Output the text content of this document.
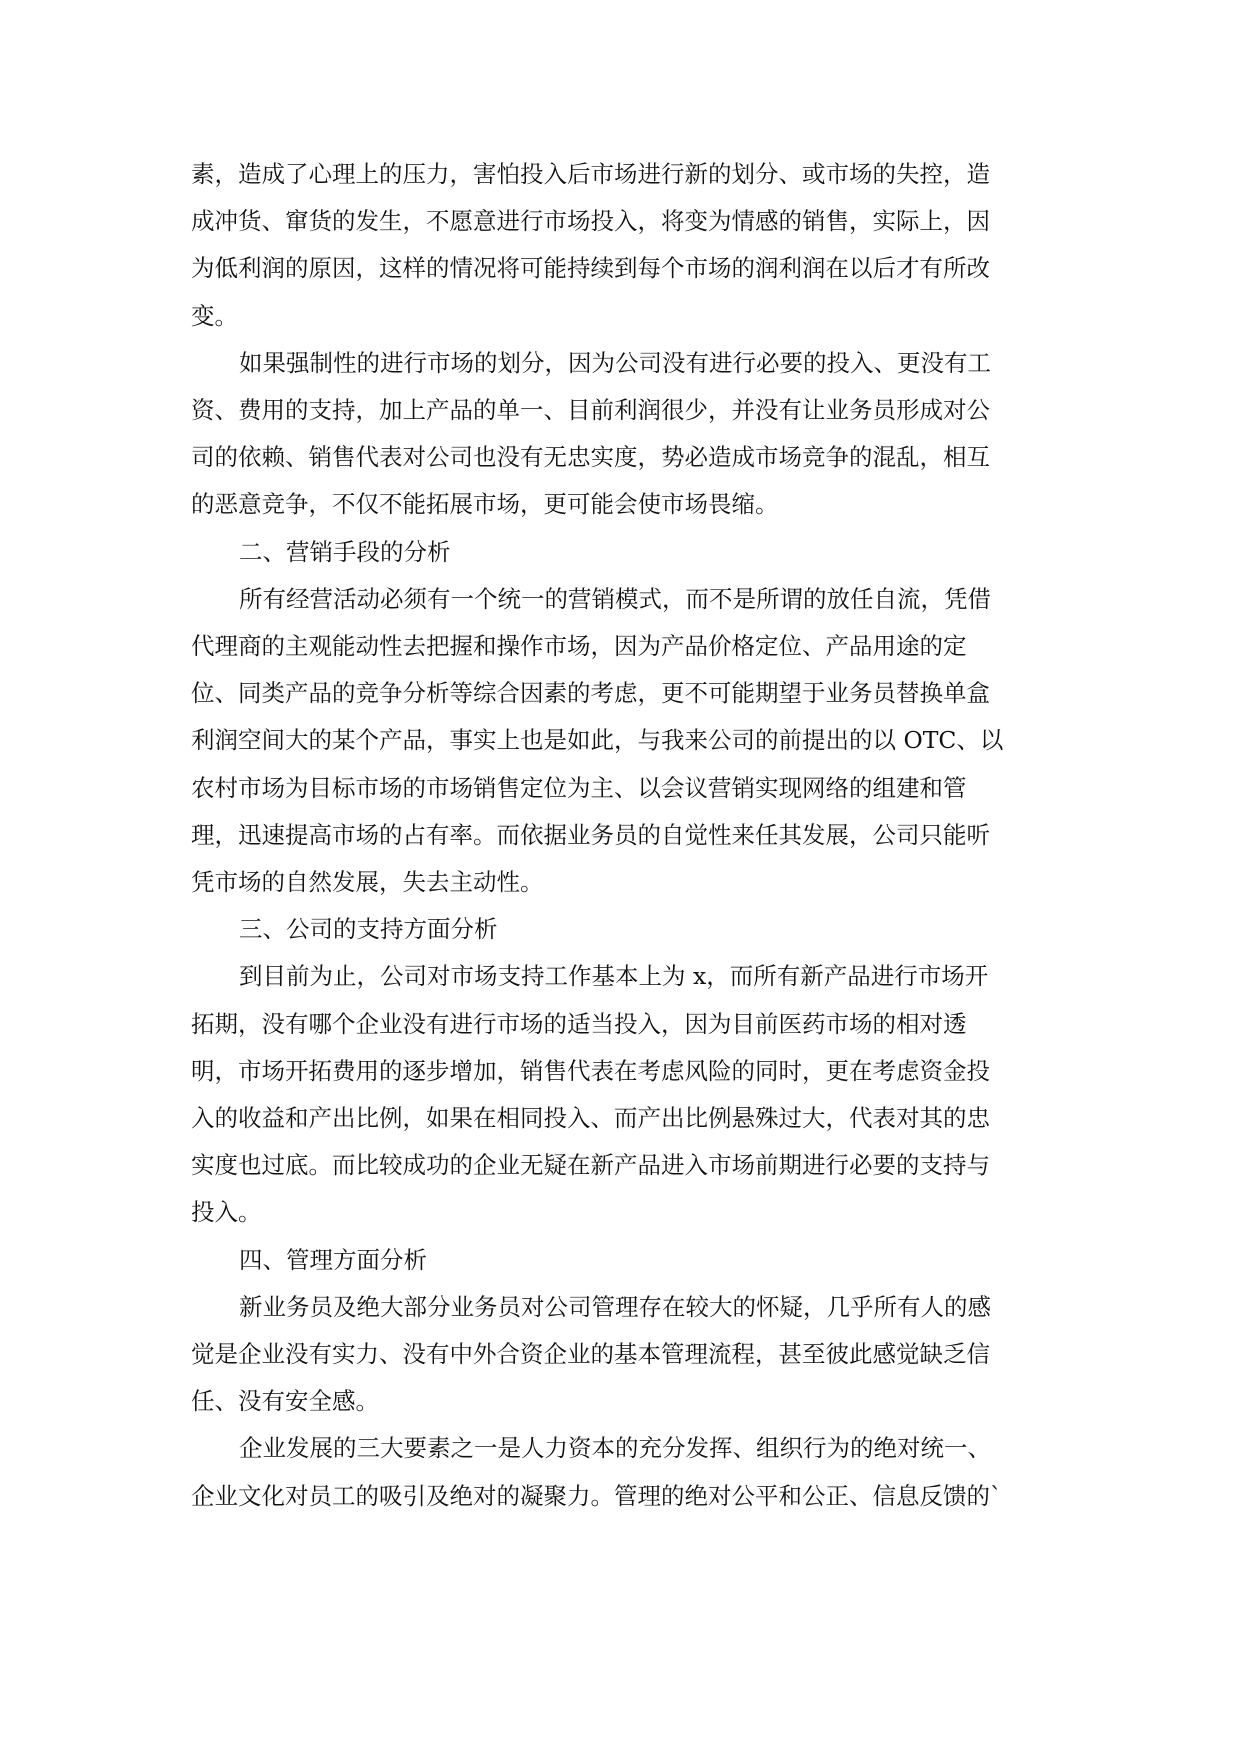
素，造成了心理上的压力，害怕投入后市场进行新的划分、或市场的失控，造
成冲货、窜货的发生，不愿意进行市场投入，将变为情感的销售，实际上，因
为低利润的原因，这样的情况将可能持续到每个市场的润利润在以后才有所改
变。

如果强制性的进行市场的划分，因为公司没有进行必要的投入、更没有工
资、费用的支持，加上产品的单一、目前利润很少，并没有让业务员形成对公
司的依赖、销售代表对公司也没有无忠实度，势必造成市场竞争的混乱，相互
的恶意竞争，不仅不能拓展市场，更可能会使市场畏缩。

二、营销手段的分析

所有经营活动必须有一个统一的营销模式，而不是所谓的放任自流，凭借
代理商的主观能动性去把握和操作市场，因为产品价格定位、产品用途的定
位、同类产品的竞争分析等综合因素的考虑，更不可能期望于业务员替换单盒
利润空间大的某个产品，事实上也是如此，与我来公司的前提出的以 OTC、以
农村市场为目标市场的市场销售定位为主、以会议营销实现网络的组建和管
理，迅速提高市场的占有率。而依据业务员的自觉性来任其发展，公司只能听
凭市场的自然发展，失去主动性。

三、公司的支持方面分析

到目前为止，公司对市场支持工作基本上为 x，而所有新产品进行市场开
拓期，没有哪个企业没有进行市场的适当投入，因为目前医药市场的相对透
明，市场开拓费用的逐步增加，销售代表在考虑风险的同时，更在考虑资金投
入的收益和产出比例，如果在相同投入、而产出比例悬殊过大，代表对其的忠
实度也过底。而比较成功的企业无疑在新产品进入市场前期进行必要的支持与
投入。

四、管理方面分析

新业务员及绝大部分业务员对公司管理存在较大的怀疑，几乎所有人的感
觉是企业没有实力、没有中外合资企业的基本管理流程，甚至彼此感觉缺乏信
任、没有安全感。

企业发展的三大要素之一是人力资本的充分发挥、组织行为的绝对统一、
企业文化对员工的吸引及绝对的凝聚力。管理的绝对公平和公正、信息反馈的`
